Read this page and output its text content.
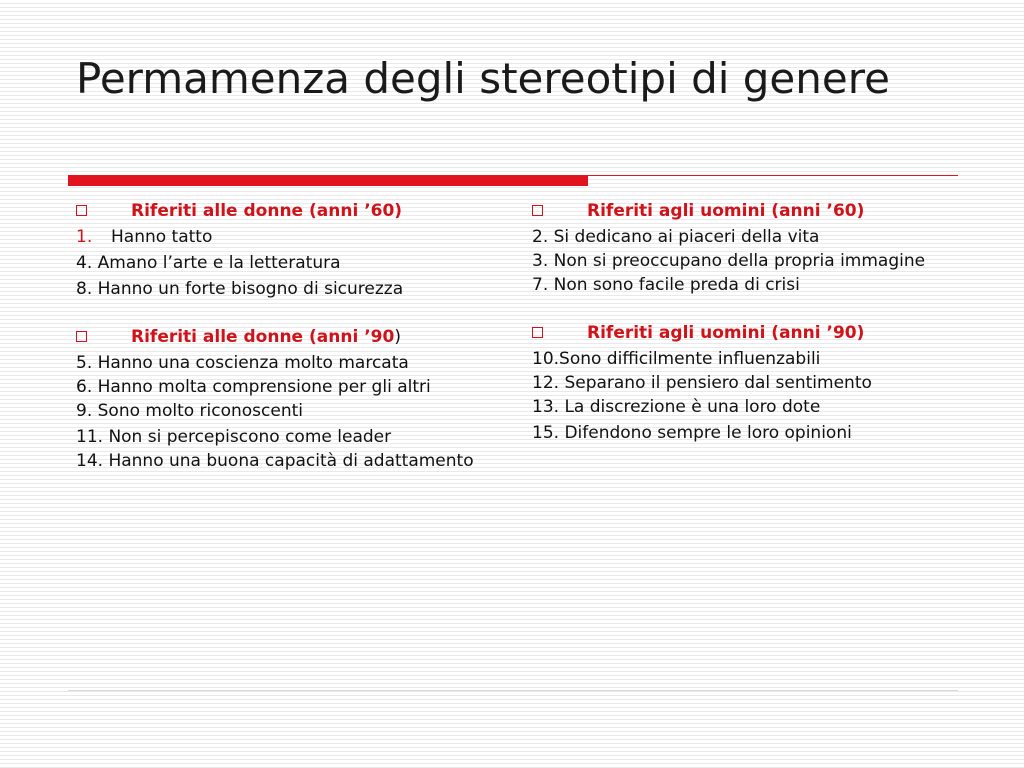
Permamenza degli stereotipi di genere
Riferiti alle donne (anni ’60)
1. Hanno tatto
4. Amano l’arte e la letteratura
8. Hanno un forte bisogno di sicurezza
Riferiti alle donne (anni ’90)
5. Hanno una coscienza molto marcata
6. Hanno molta comprensione per gli altri
9. Sono molto riconoscenti
11. Non si percepiscono come leader
14. Hanno una buona capacità di adattamento
Riferiti agli uomini (anni ’60)
2. Si dedicano ai piaceri della vita
3. Non si preoccupano della propria immagine
7. Non sono facile preda di crisi
Riferiti agli uomini (anni ’90)
10.Sono difficilmente influenzabili
12. Separano il pensiero dal sentimento
13. La discrezione è una loro dote
15. Difendono sempre le loro opinioni
